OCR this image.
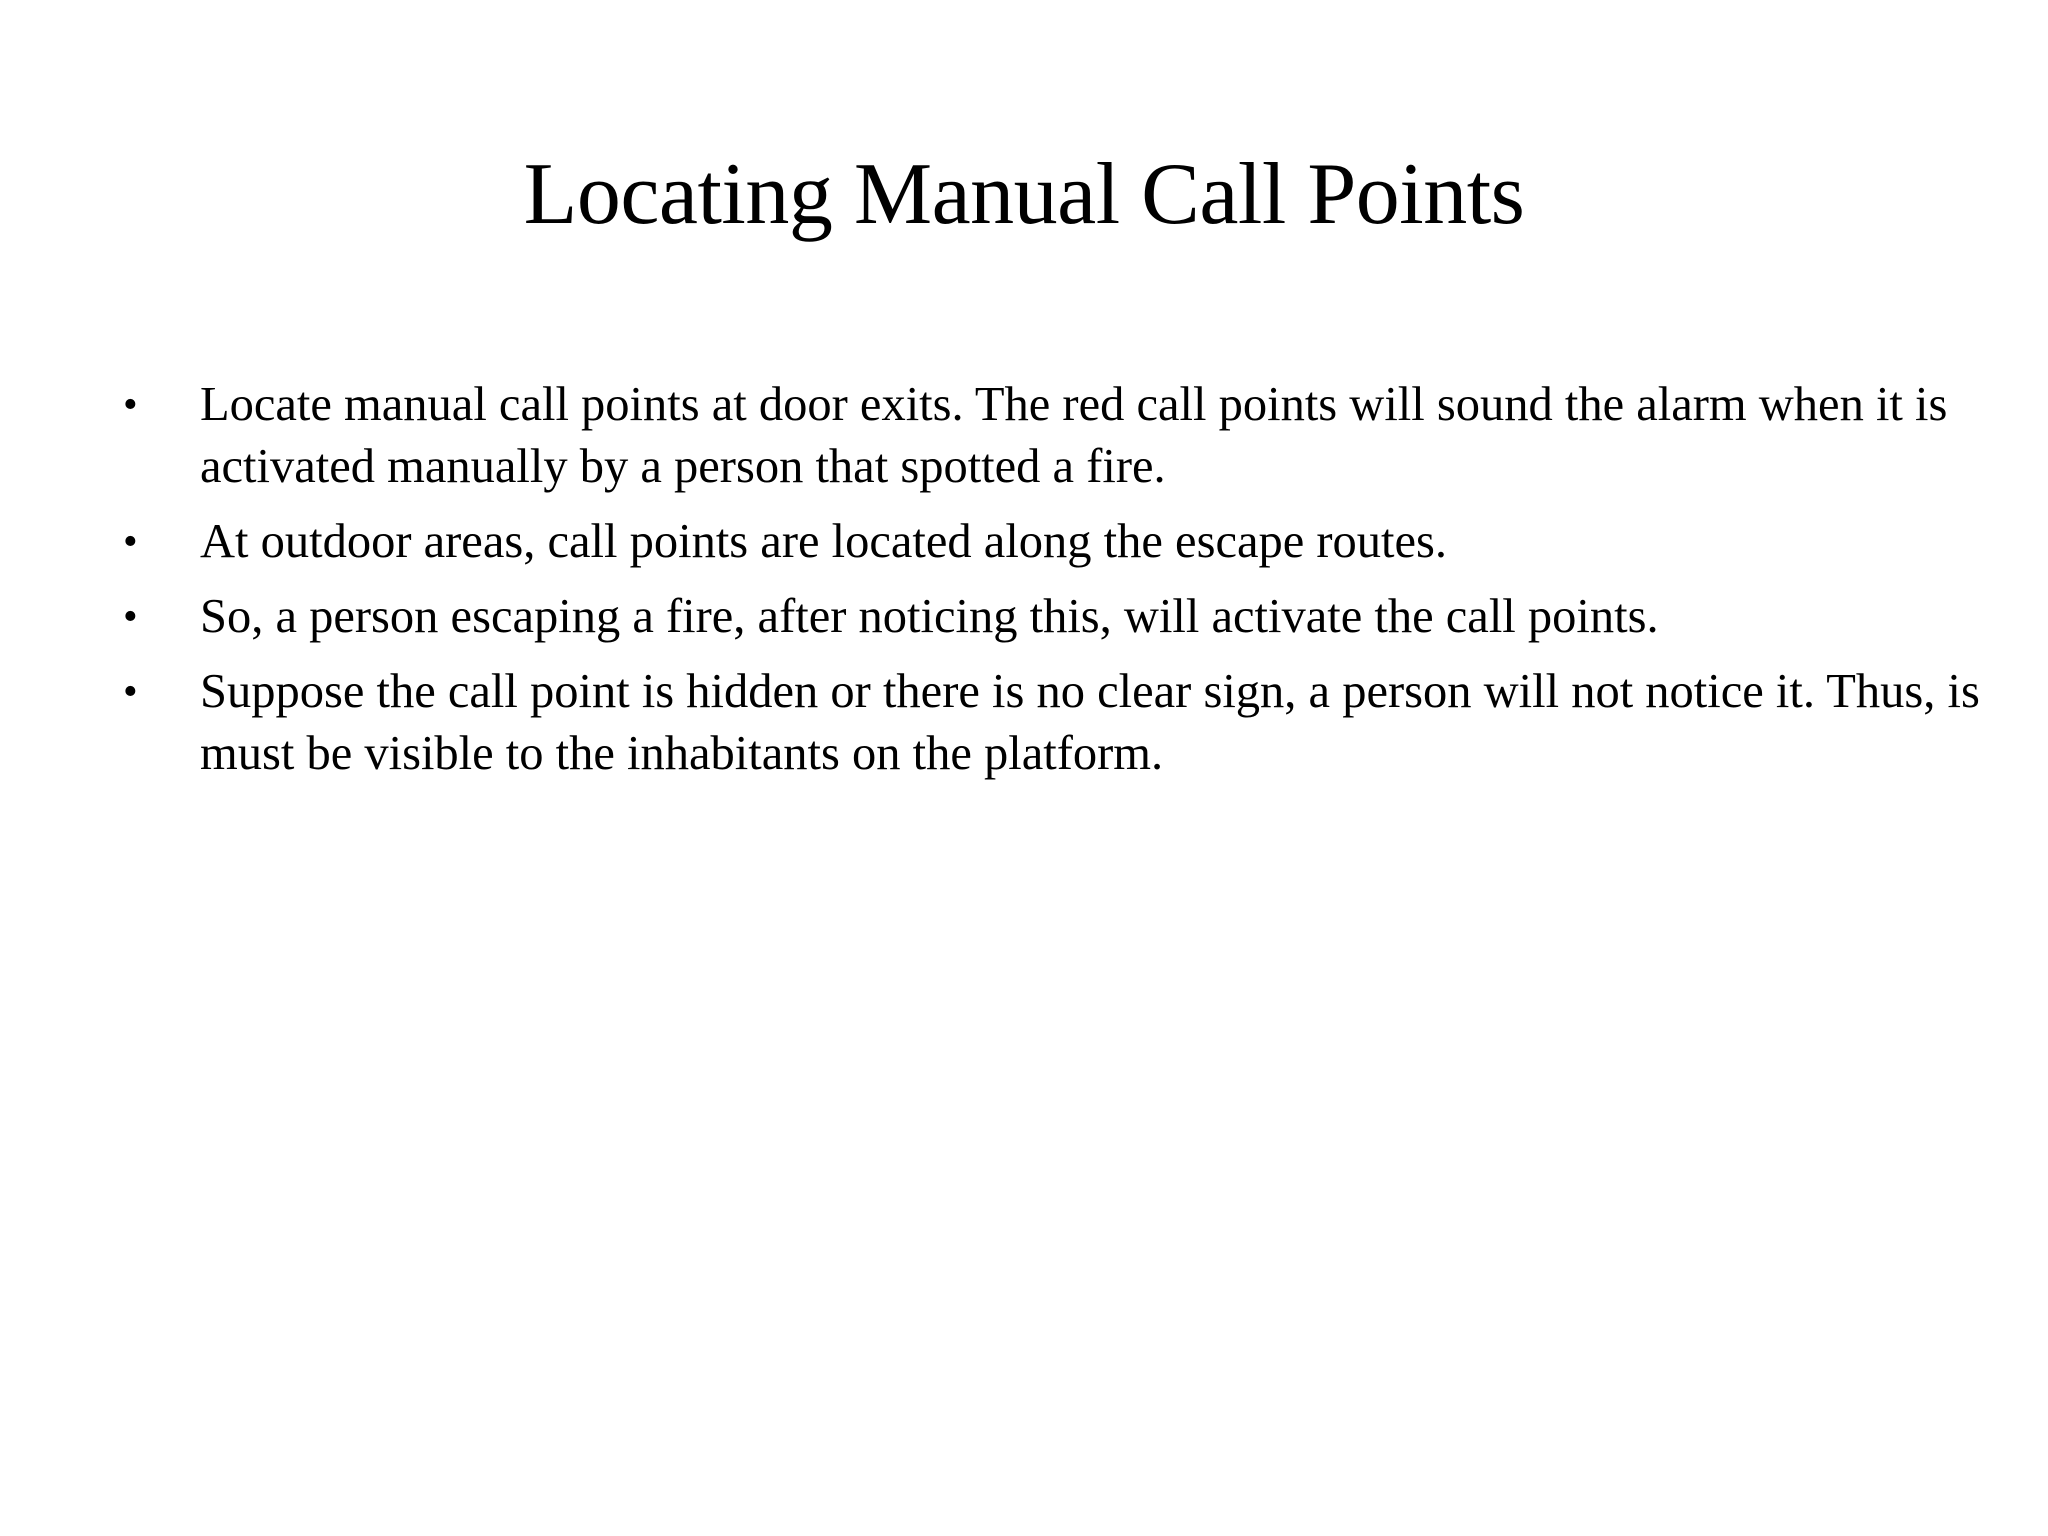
Locating Manual Call Points
• Locate manual call points at door exits. The red call points will sound the alarm when it is activated manually by a person that spotted a fire.
• At outdoor areas, call points are located along the escape routes.
• So, a person escaping a fire, after noticing this, will activate the call points.
• Suppose the call point is hidden or there is no clear sign, a person will not notice it. Thus, is must be visible to the inhabitants on the platform.
